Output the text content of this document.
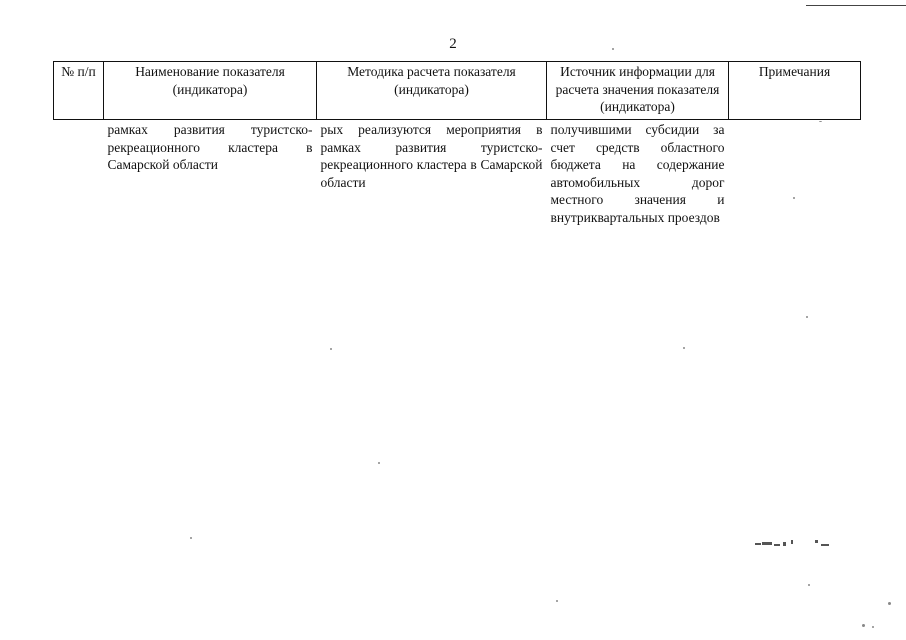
2
№ п/п	Наименование показателя (индикатора)	Методика расчета показателя (индикатора)	Источник информации для расчета значения показателя (индикатора)	Примечания
	рамках развития туристско-рекреационного кластера в Самарской области	рых реализуются мероприятия в рамках развития туристско-рекреационного кластера в Самарской области	получившими субсидии за счет средств областного бюджета на содержание автомобильных дорог местного значения и внутриквартальных проездов	
